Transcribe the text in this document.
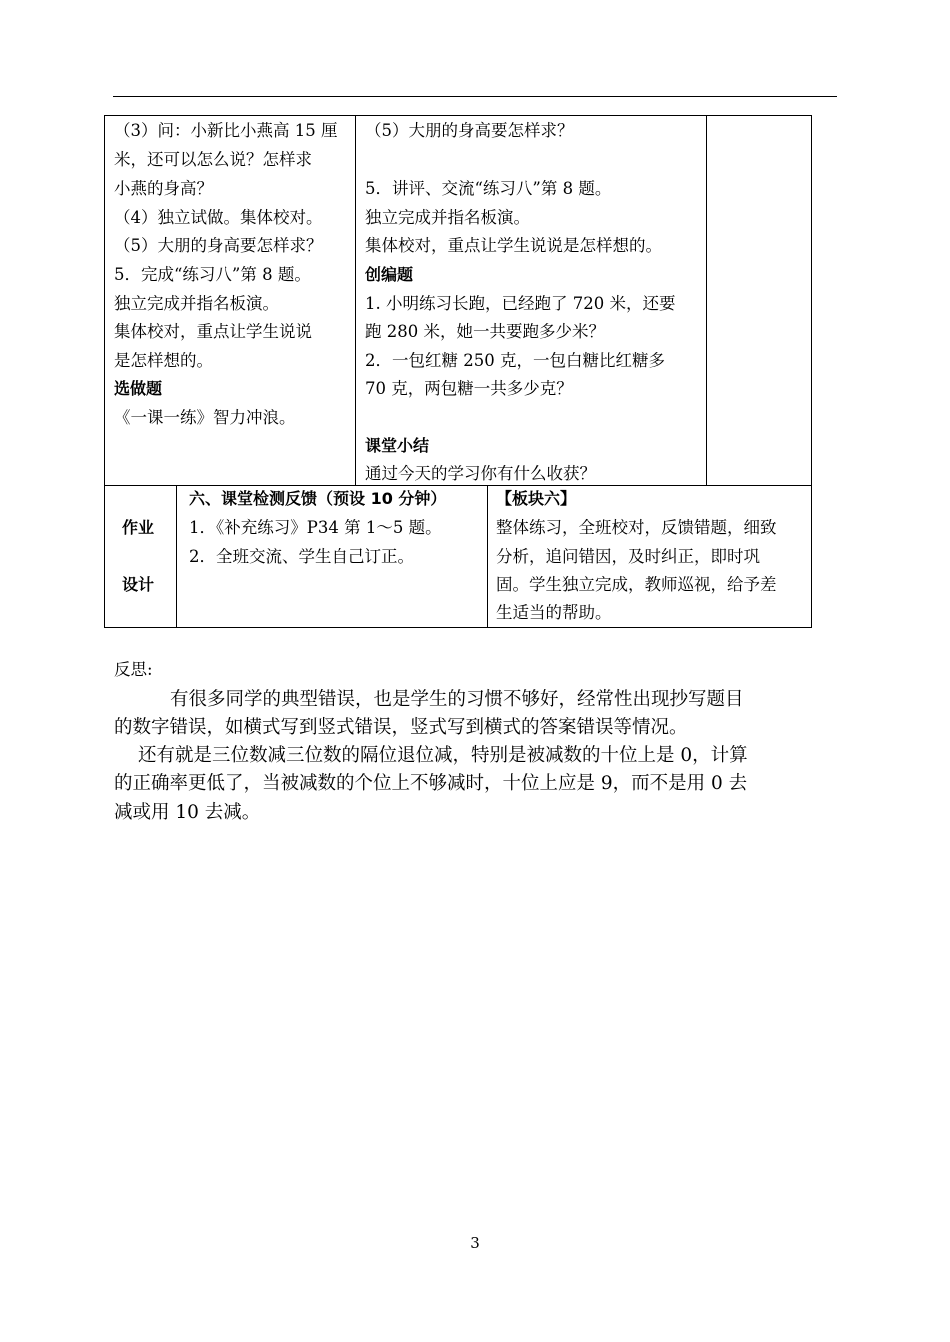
（3）问：小新比小燕高 15 厘
米，还可以怎么说？怎样求
小燕的身高？
（4）独立试做。集体校对。
（5）大朋的身高要怎样求？
5．完成“练习八”第 8 题。
独立完成并指名板演。
集体校对，重点让学生说说
是怎样想的。
选做题
《一课一练》智力冲浪。
（5）大朋的身高要怎样求？
5．讲评、交流“练习八”第 8 题。
独立完成并指名板演。
集体校对，重点让学生说说是怎样想的。
创编题
1. 小明练习长跑，已经跑了 720 米，还要
跑 280 米，她一共要跑多少米？
2．一包红糖 250 克，一包白糖比红糖多
70 克，两包糖一共多少克？
课堂小结
通过今天的学习你有什么收获？
作业
设计
六、课堂检测反馈（预设 10 分钟）
1．《补充练习》P34 第 1～5 题。
2．全班交流、学生自己订正。
【板块六】
整体练习，全班校对，反馈错题，细致
分析，追问错因，及时纠正，即时巩
固。学生独立完成，教师巡视，给予差
生适当的帮助。
反思:
有很多同学的典型错误，也是学生的习惯不够好，经常性出现抄写题目
的数字错误，如横式写到竖式错误，竖式写到横式的答案错误等情况。
还有就是三位数减三位数的隔位退位减，特别是被减数的十位上是 0，计算
的正确率更低了，当被减数的个位上不够减时，十位上应是 9，而不是用 0 去
减或用 10 去减。
3
